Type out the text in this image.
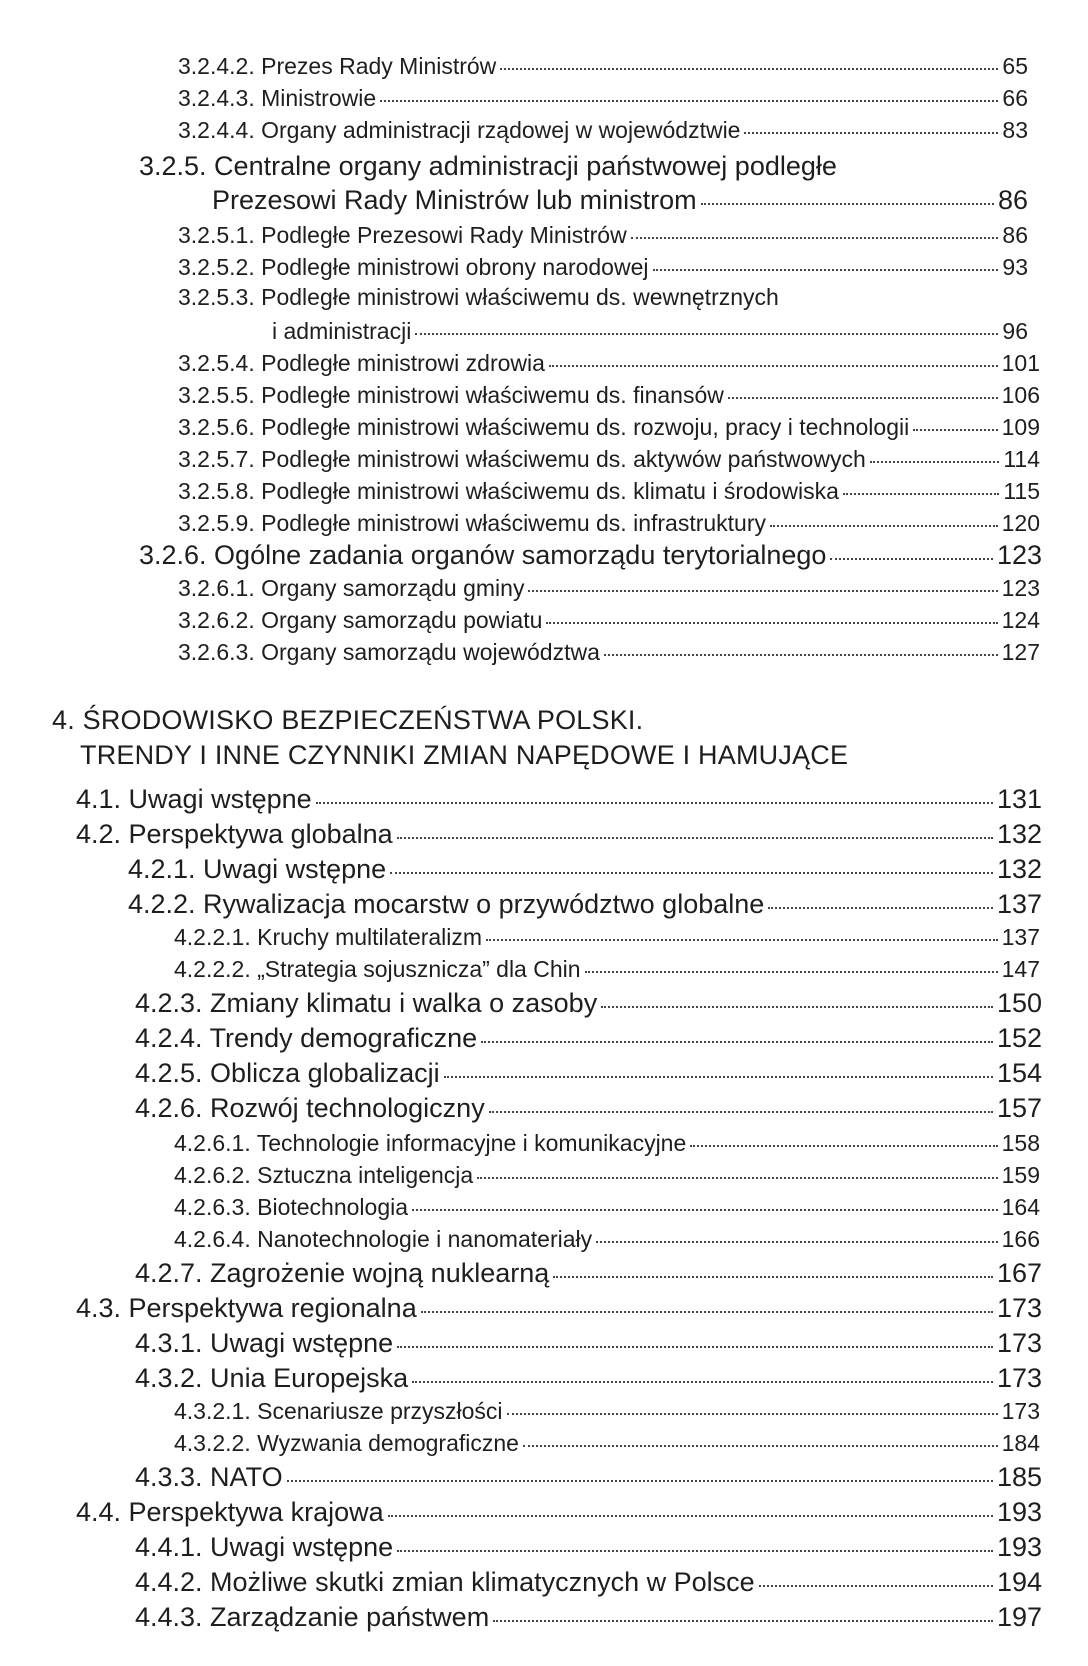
3.2.4.2. Prezes Rady Ministrów	65
3.2.4.3. Ministrowie	66
3.2.4.4. Organy administracji rządowej w województwie	83
3.2.5. Centralne organy administracji państwowej podległe
Prezesowi Rady Ministrów lub ministrom	86
3.2.5.1. Podległe Prezesowi Rady Ministrów	86
3.2.5.2. Podległe ministrowi obrony narodowej	93
3.2.5.3. Podległe ministrowi właściwemu ds. wewnętrznych
i administracji	96
3.2.5.4. Podległe ministrowi zdrowia	101
3.2.5.5. Podległe ministrowi właściwemu ds. finansów	106
3.2.5.6. Podległe ministrowi właściwemu ds. rozwoju, pracy i technologii	109
3.2.5.7. Podległe ministrowi właściwemu ds. aktywów państwowych	114
3.2.5.8. Podległe ministrowi właściwemu ds. klimatu i środowiska	115
3.2.5.9. Podległe ministrowi właściwemu ds. infrastruktury	120
3.2.6. Ogólne zadania organów samorządu terytorialnego	123
3.2.6.1. Organy samorządu gminy	123
3.2.6.2. Organy samorządu powiatu	124
3.2.6.3. Organy samorządu województwa	127
4. ŚRODOWISKO BEZPIECZEŃSTWA POLSKI.
TRENDY I INNE CZYNNIKI ZMIAN NAPĘDOWE I HAMUJĄCE
4.1. Uwagi wstępne	131
4.2. Perspektywa globalna	132
4.2.1. Uwagi wstępne	132
4.2.2. Rywalizacja mocarstw o przywództwo globalne	137
4.2.2.1. Kruchy multilateralizm	137
4.2.2.2. „Strategia sojusznicza” dla Chin	147
4.2.3. Zmiany klimatu i walka o zasoby	150
4.2.4. Trendy demograficzne	152
4.2.5. Oblicza globalizacji	154
4.2.6. Rozwój technologiczny	157
4.2.6.1. Technologie informacyjne i komunikacyjne	158
4.2.6.2. Sztuczna inteligencja	159
4.2.6.3. Biotechnologia	164
4.2.6.4. Nanotechnologie i nanomateriały	166
4.2.7. Zagrożenie wojną nuklearną	167
4.3. Perspektywa regionalna	173
4.3.1. Uwagi wstępne	173
4.3.2. Unia Europejska	173
4.3.2.1. Scenariusze przyszłości	173
4.3.2.2. Wyzwania demograficzne	184
4.3.3. NATO	185
4.4. Perspektywa krajowa	193
4.4.1. Uwagi wstępne	193
4.4.2. Możliwe skutki zmian klimatycznych w Polsce	194
4.4.3. Zarządzanie państwem	197
